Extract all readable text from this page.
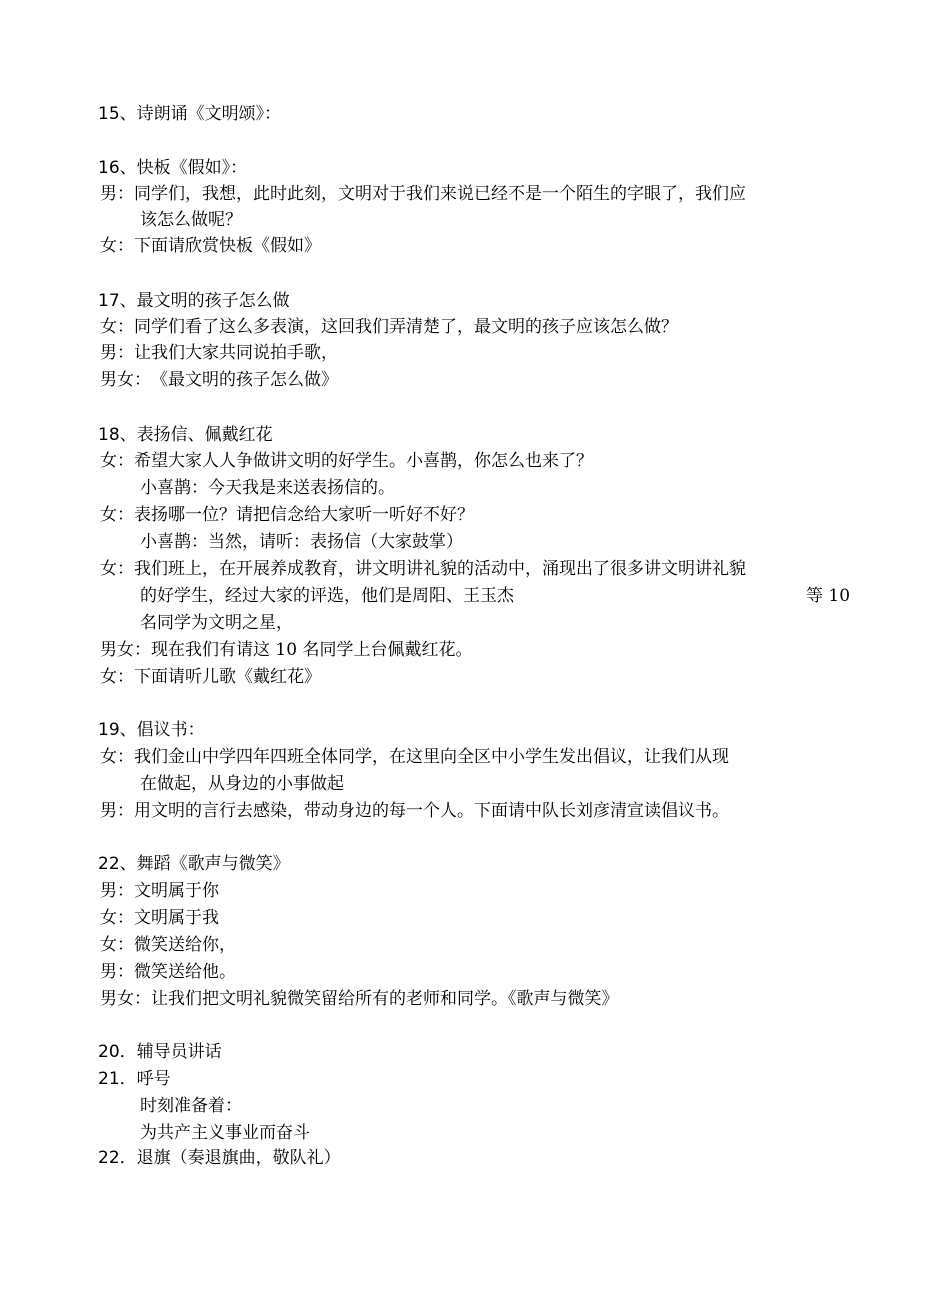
15、诗朗诵《文明颂》：
16、快板《假如》：
男：同学们，我想，此时此刻，文明对于我们来说已经不是一个陌生的字眼了，我们应
该怎么做呢？
女：下面请欣赏快板《假如》
17、最文明的孩子怎么做
女：同学们看了这么多表演，这回我们弄清楚了，最文明的孩子应该怎么做？
男：让我们大家共同说拍手歌，
男女：《最文明的孩子怎么做》
18、表扬信、佩戴红花
女：希望大家人人争做讲文明的好学生。小喜鹊，你怎么也来了？
小喜鹊：今天我是来送表扬信的。
女：表扬哪一位？请把信念给大家听一听好不好？
小喜鹊：当然，请听：表扬信（大家鼓掌）
女：我们班上，在开展养成教育，讲文明讲礼貌的活动中，涌现出了很多讲文明讲礼貌
的好学生，经过大家的评选，他们是周阳、王玉杰	等 10
名同学为文明之星，
男女：现在我们有请这 10 名同学上台佩戴红花。
女：下面请听儿歌《戴红花》
19、倡议书：
女：我们金山中学四年四班全体同学，在这里向全区中小学生发出倡议，让我们从现
在做起，从身边的小事做起
男：用文明的言行去感染，带动身边的每一个人。下面请中队长刘彦清宣读倡议书。
22、舞蹈《歌声与微笑》
男：文明属于你
女：文明属于我
女：微笑送给你，
男：微笑送给他。
男女：让我们把文明礼貌微笑留给所有的老师和同学。《歌声与微笑》
20．辅导员讲话
21．呼号
时刻准备着：
为共产主义事业而奋斗
22．退旗（奏退旗曲，敬队礼）
